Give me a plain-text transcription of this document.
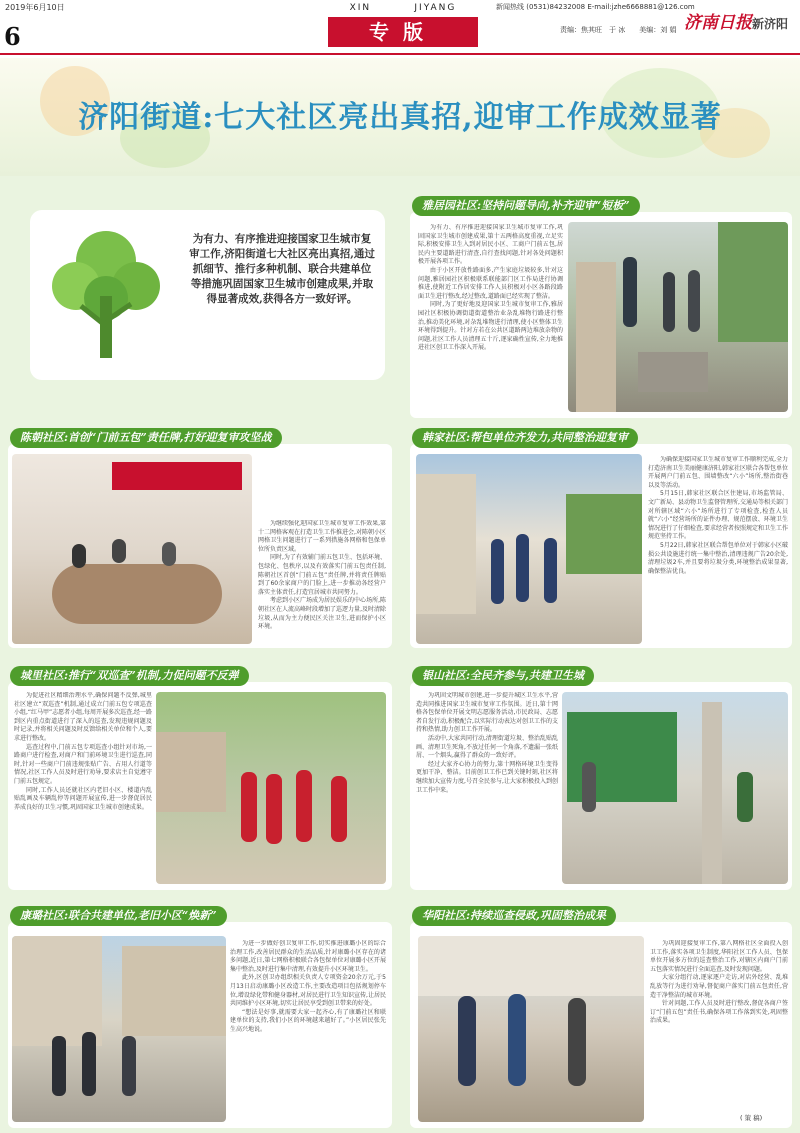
2019年6月10日
6
XIN	JIYANG
专版
新闻热线 (0531)84232008 E-mail:jzhe6668881@126.com
责编：焦其旺　于 冰　　美编：刘 娟 济南日报新济阳
济阳街道:七大社区亮出真招,迎审工作成效显著
为有力、有序推进迎接国家卫生城市复审工作,济阳街道七大社区亮出真招,通过抓细节、推行多种机制、联合共建单位等措施巩固国家卫生城市创建成果,并取得显著成效,获得各方一致好评。
雅居园社区:坚持问题导向,补齐迎审“短板”

为有力、有序推进迎接国家卫生城市复审工作,巩固国家卫生城市创建成果,第十五两格高度重视,立足实际,积极安排卫生入到对居民小区、工商户门前五包,居民内主要道路进行清查,自行查找问题,针对各处问题积极开展各项工作。

由于小区开放性路面多,产生家庭垃圾较多,针对这问题,雅居园社区积极联系联能部门区工作局进行协调推进,使附近工作居安排工作人员积极对小区各路段路面卫生进行整改,经过整改,道路面已经实现了整洁。

同时,为了更好地及迎国家卫生城市复审工作,雅居园社区积极协调街道街道整治业杂乱堆物行路进行整治,推动美化环境,对杂乱堆物进行清理,使小区整体卫生环境得到提升。针对方若在公共区道路两边堆放杂物的问题,社区工作人员清理五十斤,逐家确性宣传,全力地推进社区创卫工作深入开展。

陈朝社区:首创“门前五包”责任牌,打好迎复审攻坚战

为继续强化迎国家卫生城市复审工作效果,第十二网格客观在打造卫生工作推进会,对陈朝小区网格卫生问题进行了一系列措施各网格和包保单位所负责区域。

同时,为了有效辅门前五包卫生、包括环境、包绿化、包秩序,以及有效落实门前五包责任制,陈朝社区首创“门前五包”责任牌,并将责任牌贴到了60余家商户的门脸上,进一步推动各经营户落实主体责任,打造宜居城市共同努力。

考虑到小区广场成为居民娱乐的中心场所,陈朝社区在人流高峰时段增加了巡逻力量,及时清除垃圾,从而为主力便民区关注卫生,进而保护小区环境。

韩家社区:帮包单位齐发力,共同整治迎复审

为确保迎接国家卫生城市复审工作顺利完成,全力打造济南卫生美丽健康济阳,韩家社区联合各帮包单位开展两户门前五包、围墙整改“六小”场所,整治街巷以及等活动。

5月15日,韩家社区联合区住建局,市场监管局、文广新局、县动物卫生监督管理所,交通局等相关部门对所辖区域“六小”场所进行了专项检查,检查人员就“六小”经营场所的证件办理、规范摆放、环境卫生情况进行了仔细检查,要求经营者按照规定和卫生工作规范坚持工作。

5月22日,韩家社区联合帮包单位对于韩家小区破损公共设施进行统一集中整治,清理违规广告20余处,清理垃圾2车,并且要将垃圾分类,环境整治成果显著,确保整洁优良。

城里社区:推行“双巡查”机制,力促问题不反弹

为促进社区精细治理水平,确保问题不反弹,城里社区建立“双巡查”机制,通过成立门前五包专项巡查小组,“红马甲”志愿者小组,每周开展多次巡查,经一路到区内重点街道进行了深入的巡查,发现违规问题及时记录,并将相关问题及时反馈给相关单位和个人,要求进行整改。

巡查过程中,门前五包专项巡查小组针对市场,一路商户进行检查,对商户和门前环境卫生进行巡查,同时,针对一些商户门前违规张贴广告、占用人行道等情况,社区工作人员及时进行劝导,要求店主自觉遵守门前五包规定。

同时,工作人员还就社区内老旧小区、楼道内乱贴乱画及车辆乱停等问题开展宣传,进一步督促居民养成良好的卫生习惯,巩固国家卫生城市创建成果。

银山社区:全民齐参与,共建卫生城

为巩固文明城市创建,进一步提升城区卫生水平,营造共同推进国家卫生城市复审工作氛围。近日,第十网格各包保单位开展文明志愿服务活动,市民政局、志愿者自发行动,积极配合,以实际行动表达对创卫工作的支持和热情,助力创卫工作开展。

活动中,大家共同行动,清理街道垃圾、整治乱贴乱画、清理卫生死角,不放过任何一个角落,不遗漏一张纸屑、一个烟头,赢得了群众的一致好评。

经过大家齐心协力的努力,第十网格环境卫生变得更加干净、整洁。目前创卫工作已到关键时刻,社区将继续加大宣传力度,号召全民参与,让大家积极投入到创卫工作中来。

康璐社区:联合共建单位,老旧小区“焕新”

为进一步做好创卫复审工作,切实推进康璐小区的综合治理工作,改善居民群众的生活品质,针对康璐小区存在的诸多问题,近日,第七网格积极联合各包保单位对康璐小区开展集中整治,及时进行集中清理,有效提升小区环境卫生。

此外,区创卫办组织相关负责人专项资金20余万元,于5月13日启动康璐小区改造工作,主要改造项目包括规划停车位,增设绿化带和健身器材,对居民进行卫生知识宣传,让居民共同维护小区环境,切实让居民享受到创卫带来的好处。

“想法是好事,就需要大家一起齐心,有了康璐社区和联建单位的支持,我们小区的环境越来越好了。”小区居民张先生高兴地说。

华阳社区:持续巡查侵政,巩固整治成果

为巩固迎接复审工作,第八网格社区全面投入创卫工作,落实各项卫生制度,华阳社区工作人员、包保单位开展多方位的巡查整治工作,对辖区内商户门前五包落实情况进行全面巡查,及时发现问题。

大家分组行动,逐家逐户走访,对店外经营、乱堆乱放等行为进行劝导,督促商户落实门前五包责任,营造干净整洁的城市环境。

针对问题,工作人员及时进行整改,督促各商户签订“门前五包”责任书,确保各项工作落到实处,巩固整治成果。

( 策 稿)
